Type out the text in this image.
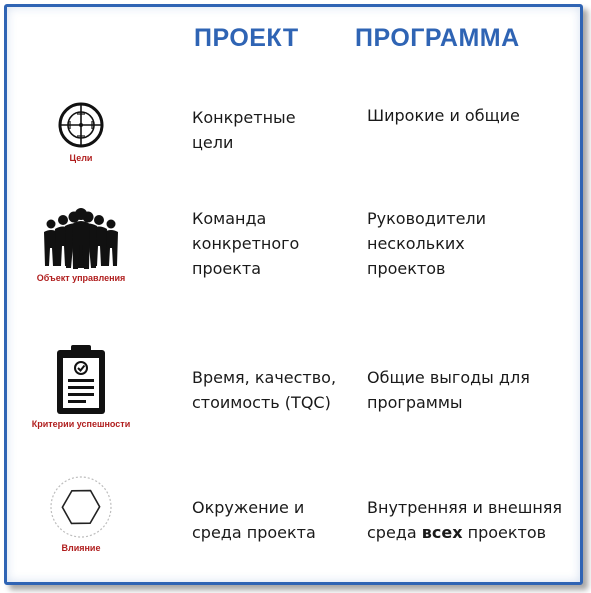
ПРОЕКТ ПРОГРАММА
Цели
Конкретные
цели
Широкие и общие
Объект управления
Команда
конкретного
проекта
Руководители
нескольких
проектов
Критерии успешности
Время, качество,
стоимость (TQC)
Общие выгоды для
программы
Влияние
Окружение и
среда проекта
Внутренняя и внешняя
среда всех проектов
